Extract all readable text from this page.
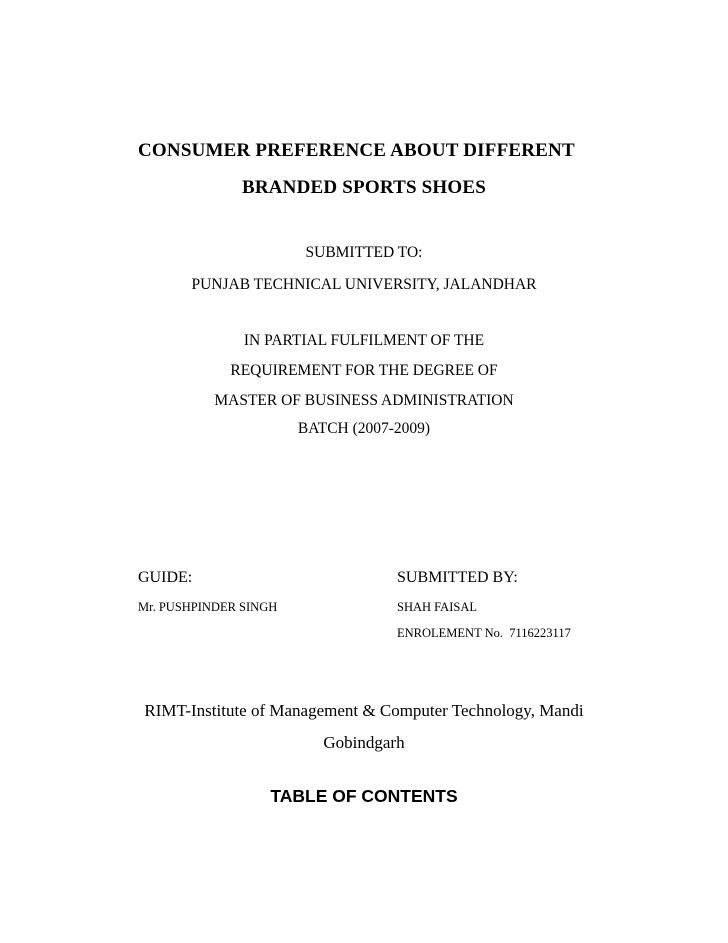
CONSUMER PREFERENCE ABOUT DIFFERENT
BRANDED SPORTS SHOES
SUBMITTED TO:
PUNJAB TECHNICAL UNIVERSITY, JALANDHAR
IN PARTIAL FULFILMENT OF THE
REQUIREMENT FOR THE DEGREE OF
MASTER OF BUSINESS ADMINISTRATION
BATCH (2007-2009)
GUIDE:
Mr. PUSHPINDER SINGH
SUBMITTED BY:
SHAH FAISAL
ENROLEMENT No.  7116223117
RIMT-Institute of Management & Computer Technology, Mandi
Gobindgarh
TABLE OF CONTENTS
